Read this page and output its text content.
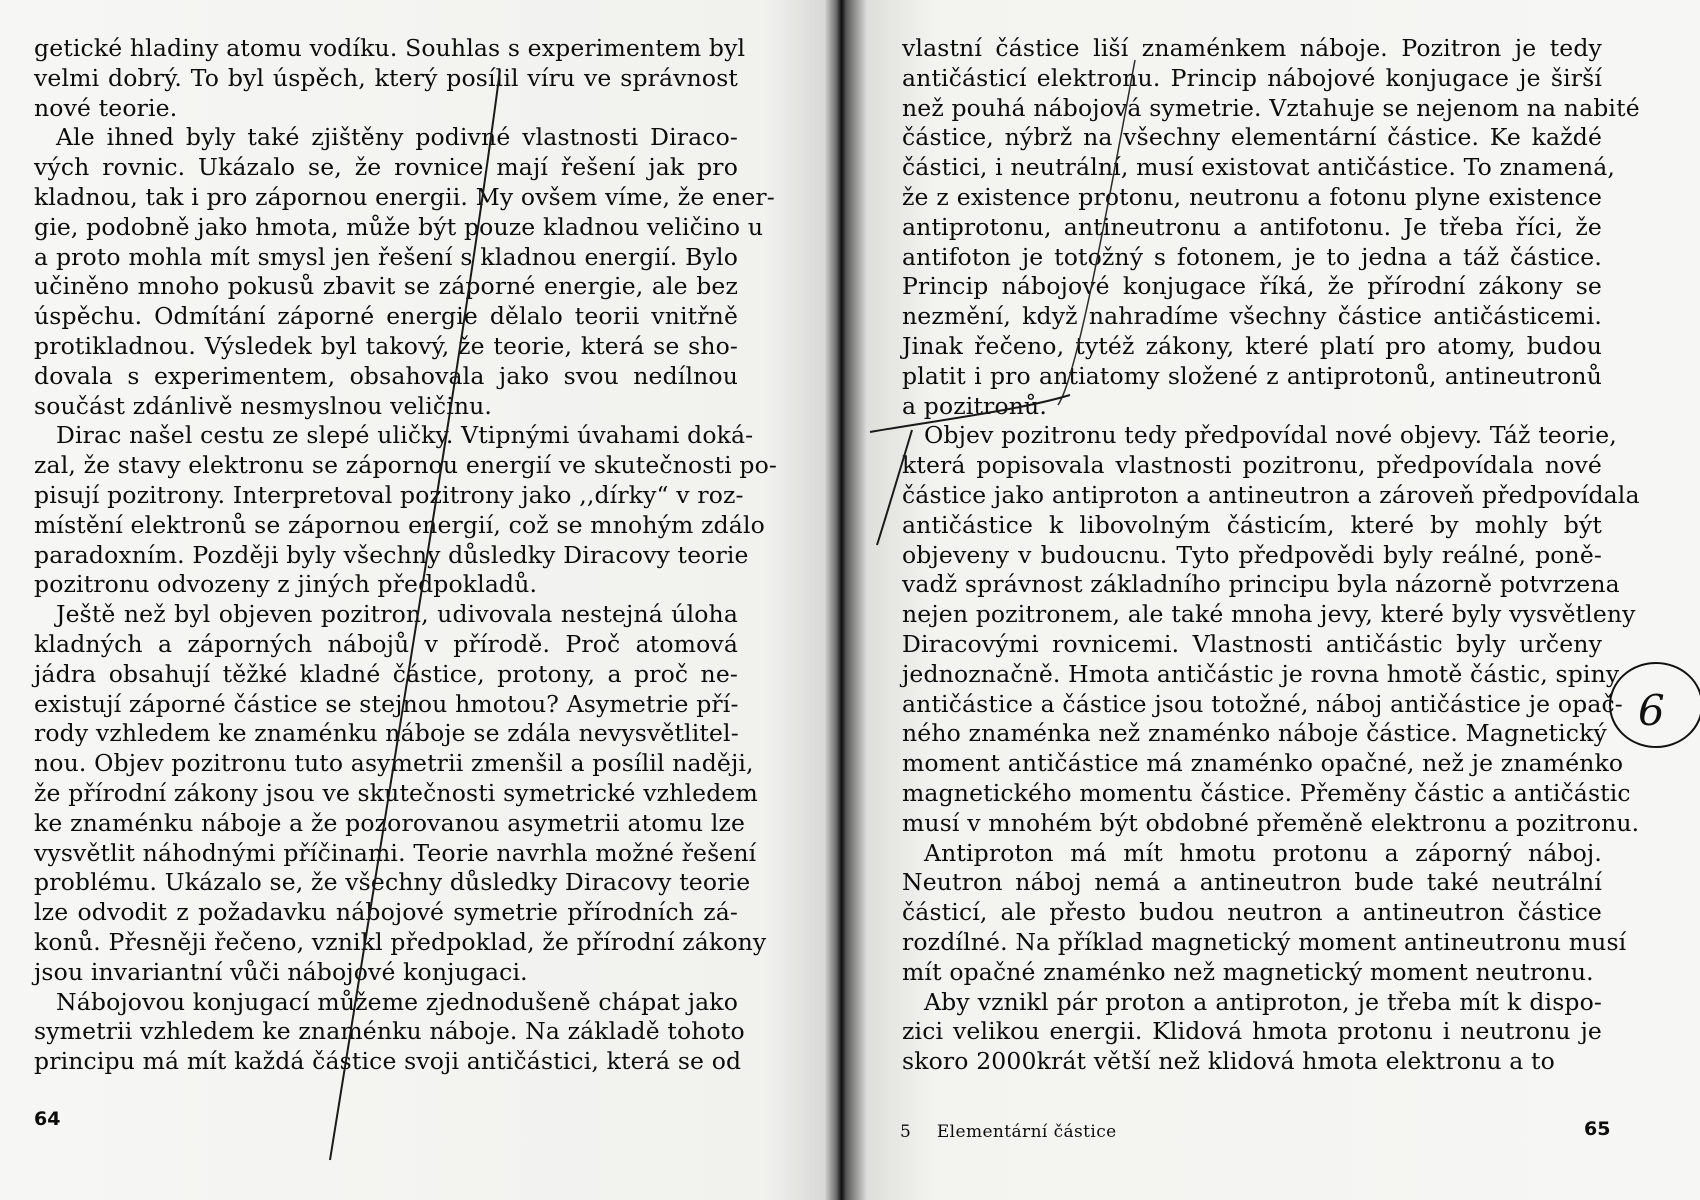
getické hladiny atomu vodíku. Souhlas s experimentem byl
velmi dobrý. To byl úspěch, který posílil víru ve správnost
nové teorie.
Ale ihned byly také zjištěny podivné vlastnosti Diraco-
vých rovnic. Ukázalo se, že rovnice mají řešení jak pro
kladnou, tak i pro zápornou energii. My ovšem víme, že ener-
gie, podobně jako hmota, může být pouze kladnou veličino u
a proto mohla mít smysl jen řešení s kladnou energií. Bylo
učiněno mnoho pokusů zbavit se záporné energie, ale bez
úspěchu. Odmítání záporné energie dělalo teorii vnitřně
protikladnou. Výsledek byl takový, že teorie, která se sho-
dovala s experimentem, obsahovala jako svou nedílnou
součást zdánlivě nesmyslnou veličinu.
Dirac našel cestu ze slepé uličky. Vtipnými úvahami doká-
zal, že stavy elektronu se zápornou energií ve skutečnosti po-
pisují pozitrony. Interpretoval pozitrony jako ,,dírky“ v roz-
místění elektronů se zápornou energií, což se mnohým zdálo
paradoxním. Později byly všechny důsledky Diracovy teorie
pozitronu odvozeny z jiných předpokladů.
Ještě než byl objeven pozitron, udivovala nestejná úloha
kladných a záporných nábojů v přírodě. Proč atomová
jádra obsahují těžké kladné částice, protony, a proč ne-
existují záporné částice se stejnou hmotou? Asymetrie pří-
rody vzhledem ke znaménku náboje se zdála nevysvětlitel-
nou. Objev pozitronu tuto asymetrii zmenšil a posílil naději,
že přírodní zákony jsou ve skutečnosti symetrické vzhledem
ke znaménku náboje a že pozorovanou asymetrii atomu lze
vysvětlit náhodnými příčinami. Teorie navrhla možné řešení
problému. Ukázalo se, že všechny důsledky Diracovy teorie
lze odvodit z požadavku nábojové symetrie přírodních zá-
konů. Přesněji řečeno, vznikl předpoklad, že přírodní zákony
jsou invariantní vůči nábojové konjugaci.
Nábojovou konjugací můžeme zjednodušeně chápat jako
symetrii vzhledem ke znaménku náboje. Na základě tohoto
principu má mít každá částice svoji antičástici, která se od
64
vlastní částice liší znaménkem náboje. Pozitron je tedy
antičásticí elektronu. Princip nábojové konjugace je širší
než pouhá nábojová symetrie. Vztahuje se nejenom na nabité
částice, nýbrž na všechny elementární částice. Ke každé
částici, i neutrální, musí existovat antičástice. To znamená,
že z existence protonu, neutronu a fotonu plyne existence
antiprotonu, antineutronu a antifotonu. Je třeba říci, že
antifoton je totožný s fotonem, je to jedna a táž částice.
Princip nábojové konjugace říká, že přírodní zákony se
nezmění, když nahradíme všechny částice antičásticemi.
Jinak řečeno, tytéž zákony, které platí pro atomy, budou
platit i pro antiatomy složené z antiprotonů, antineutronů
a pozitronů.
Objev pozitronu tedy předpovídal nové objevy. Táž teorie,
která popisovala vlastnosti pozitronu, předpovídala nové
částice jako antiproton a antineutron a zároveň předpovídala
antičástice k libovolným částicím, které by mohly být
objeveny v budoucnu. Tyto předpovědi byly reálné, poně-
vadž správnost základního principu byla názorně potvrzena
nejen pozitronem, ale také mnoha jevy, které byly vysvětleny
Diracovými rovnicemi. Vlastnosti antičástic byly určeny
jednoznačně. Hmota antičástic je rovna hmotě částic, spiny
antičástice a částice jsou totožné, náboj antičástice je opač-
ného znaménka než znaménko náboje částice. Magnetický
moment antičástice má znaménko opačné, než je znaménko
magnetického momentu částice. Přeměny částic a antičástic
musí v mnohém být obdobné přeměně elektronu a pozitronu.
Antiproton má mít hmotu protonu a záporný náboj.
Neutron náboj nemá a antineutron bude také neutrální
částicí, ale přesto budou neutron a antineutron částice
rozdílné. Na příklad magnetický moment antineutronu musí
mít opačné znaménko než magnetický moment neutronu.
Aby vznikl pár proton a antiproton, je třeba mít k dispo-
zici velikou energii. Klidová hmota protonu i neutronu je
skoro 2000krát větší než klidová hmota elektronu a to
5 Elementární částice	65
6
